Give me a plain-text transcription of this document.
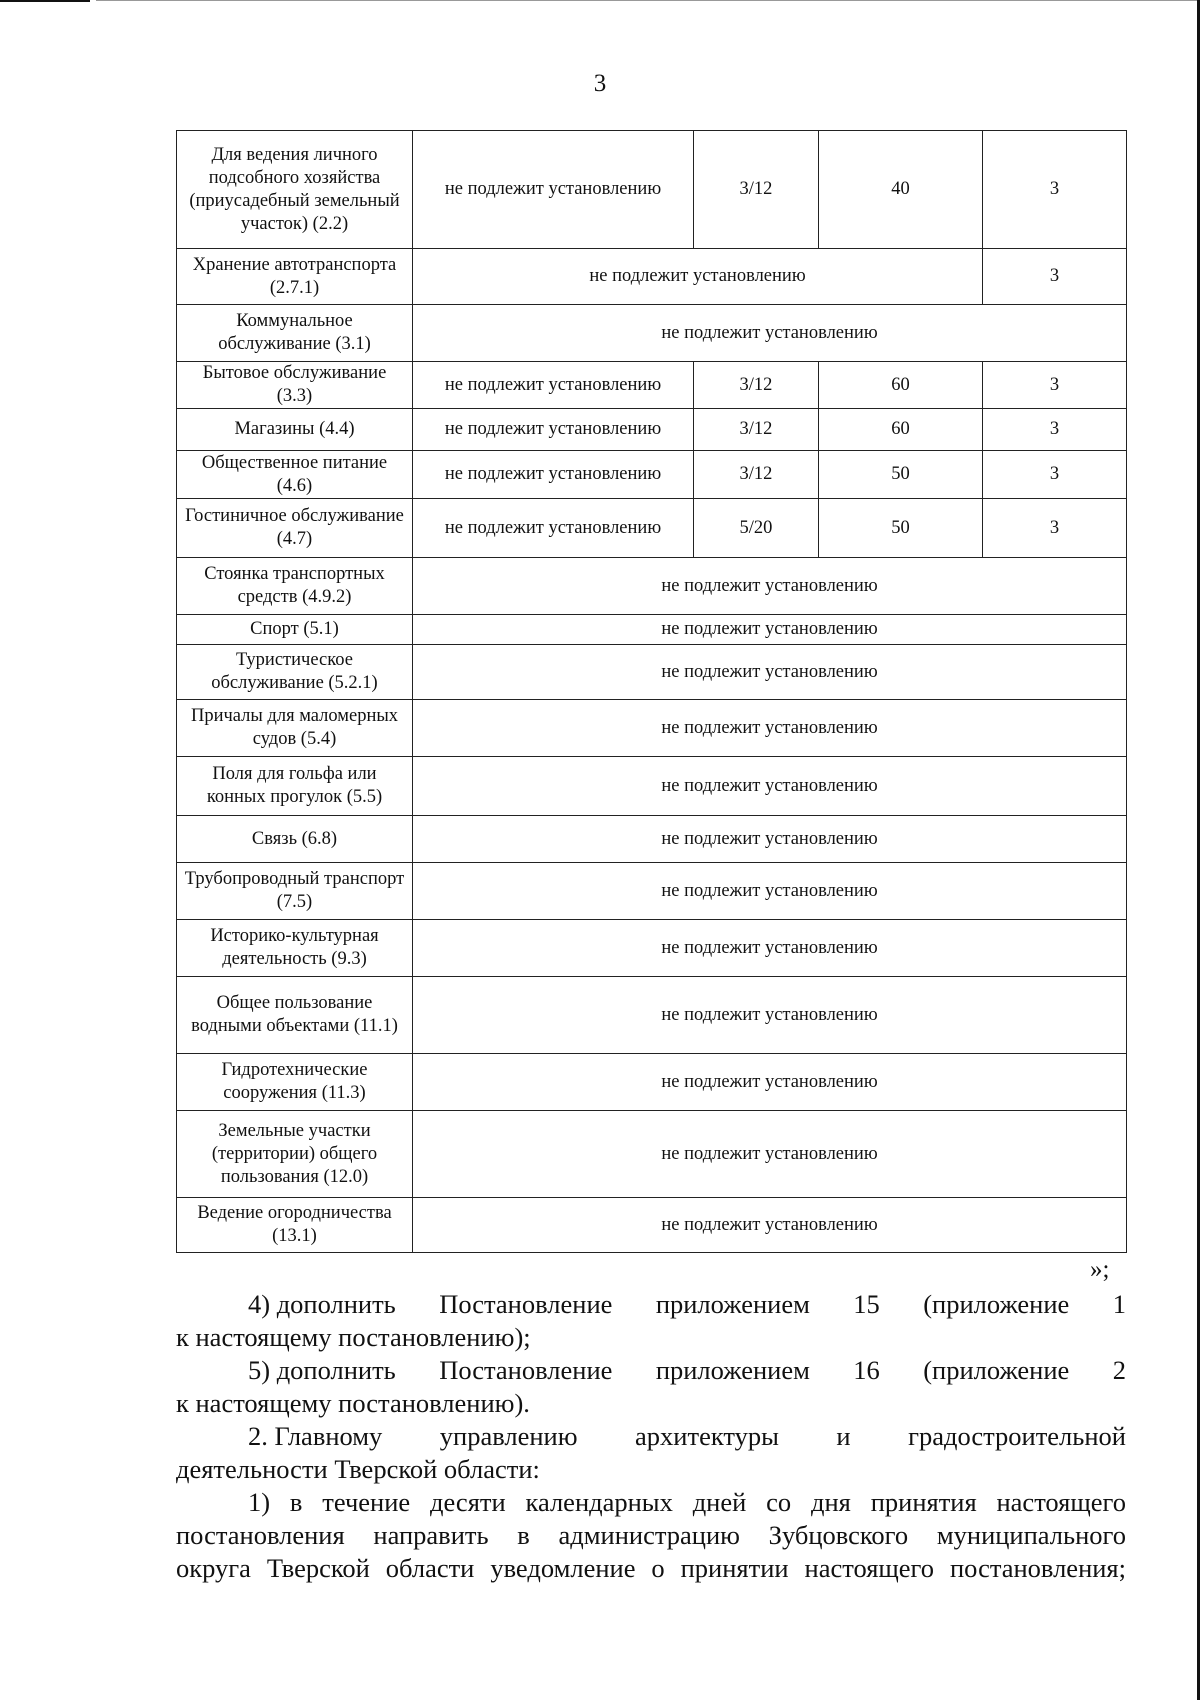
3
Для ведения личного подсобного хозяйства (приусадебный земельный участок) (2.2)	не подлежит установлению	3/12	40	3
Хранение автотранспорта (2.7.1)	не подлежит установлению			3
Коммунальное обслуживание (3.1)	не подлежит установлению			
Бытовое обслуживание (3.3)	не подлежит установлению	3/12	60	3
Магазины (4.4)	не подлежит установлению	3/12	60	3
Общественное питание (4.6)	не подлежит установлению	3/12	50	3
Гостиничное обслуживание (4.7)	не подлежит установлению	5/20	50	3
Стоянка транспортных средств (4.9.2)	не подлежит установлению			
Спорт (5.1)	не подлежит установлению			
Туристическое обслуживание (5.2.1)	не подлежит установлению			
Причалы для маломерных судов (5.4)	не подлежит установлению			
Поля для гольфа или конных прогулок (5.5)	не подлежит установлению			
Связь (6.8)	не подлежит установлению			
Трубопроводный транспорт (7.5)	не подлежит установлению			
Историко-культурная деятельность (9.3)	не подлежит установлению			
Общее пользование водными объектами (11.1)	не подлежит установлению			
Гидротехнические сооружения (11.3)	не подлежит установлению			
Земельные участки (территории) общего пользования (12.0)	не подлежит установлению			
Ведение огородничества (13.1)	не подлежит установлению			
»;
4) дополнить Постановление приложением 15 (приложение 1
к настоящему постановлению);
5) дополнить Постановление приложением 16 (приложение 2
к настоящему постановлению).
2. Главному управлению архитектуры и градостроительной
деятельности Тверской области:
1) в течение десяти календарных дней со дня принятия настоящего
постановления направить в администрацию Зубцовского муниципального
округа Тверской области уведомление о принятии настоящего постановления;
